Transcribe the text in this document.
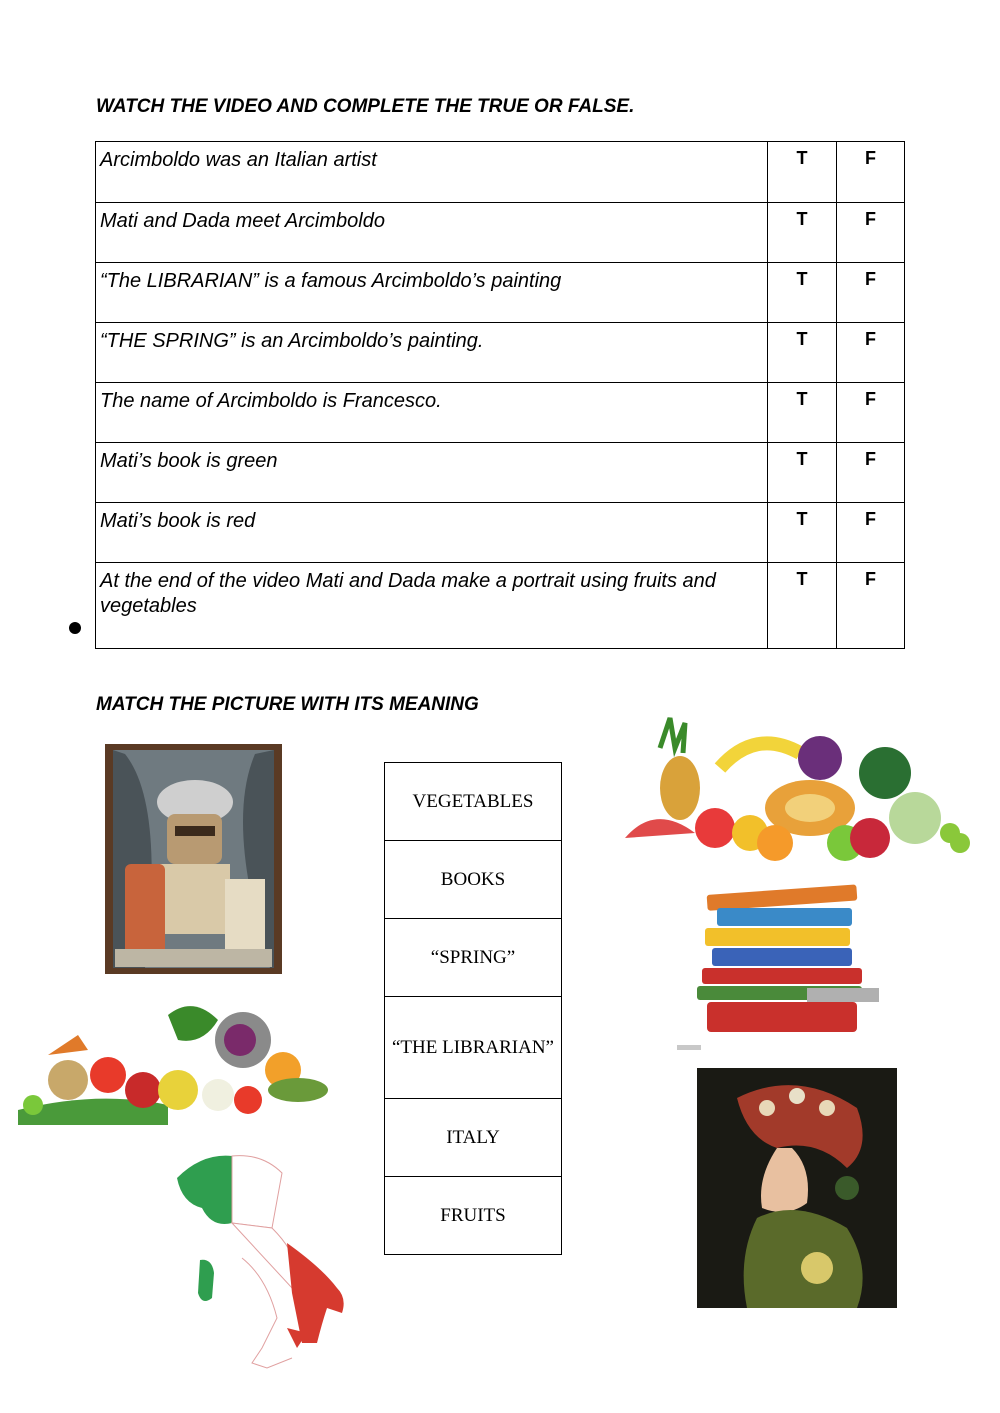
WATCH THE VIDEO AND COMPLETE THE TRUE OR FALSE.
Arcimboldo was an Italian artist	T	F
Mati and Dada meet Arcimboldo	T	F
“The LIBRARIAN” is a famous Arcimboldo’s painting	T	F
“THE SPRING” is an Arcimboldo’s painting.	T	F
The name of Arcimboldo is Francesco.	T	F
Mati’s book is green	T	F
Mati’s book is red	T	F
At the end of the video Mati and Dada make a portrait using fruits and vegetables	T	F
MATCH THE PICTURE WITH ITS MEANING
VEGETABLES
BOOKS
“SPRING”
“THE LIBRARIAN”
ITALY
FRUITS
